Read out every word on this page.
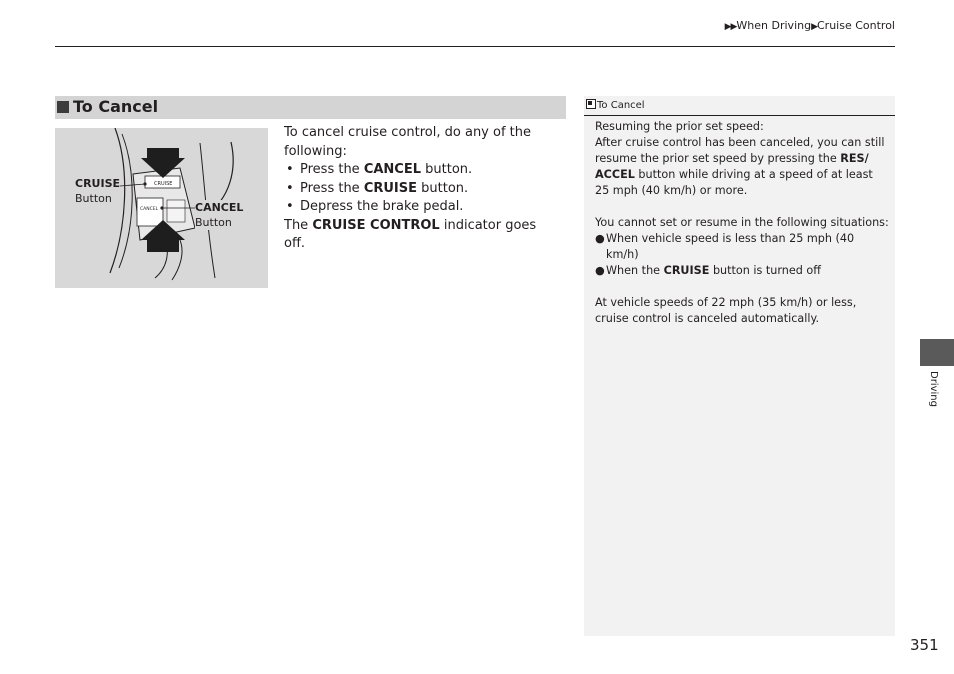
▶▶When Driving▶Cruise Control
To Cancel
CRUISE
CANCEL
CRUISE
Button
CANCEL
Button

To cancel cruise control, do any of the following:

• Press the CANCEL button.
• Press the CRUISE button.
• Depress the brake pedal.

The CRUISE CONTROL indicator goes off.

To Cancel

Resuming the prior set speed:

After cruise control has been canceled, you can still resume the prior set speed by pressing the RES/ ACCEL button while driving at a speed of at least 25 mph (40 km/h) or more.

You cannot set or resume in the following situations:

● When vehicle speed is less than 25 mph (40 km/h)

● When the CRUISE button is turned off

At vehicle speeds of 22 mph (35 km/h) or less, cruise control is canceled automatically.

Driving
351
